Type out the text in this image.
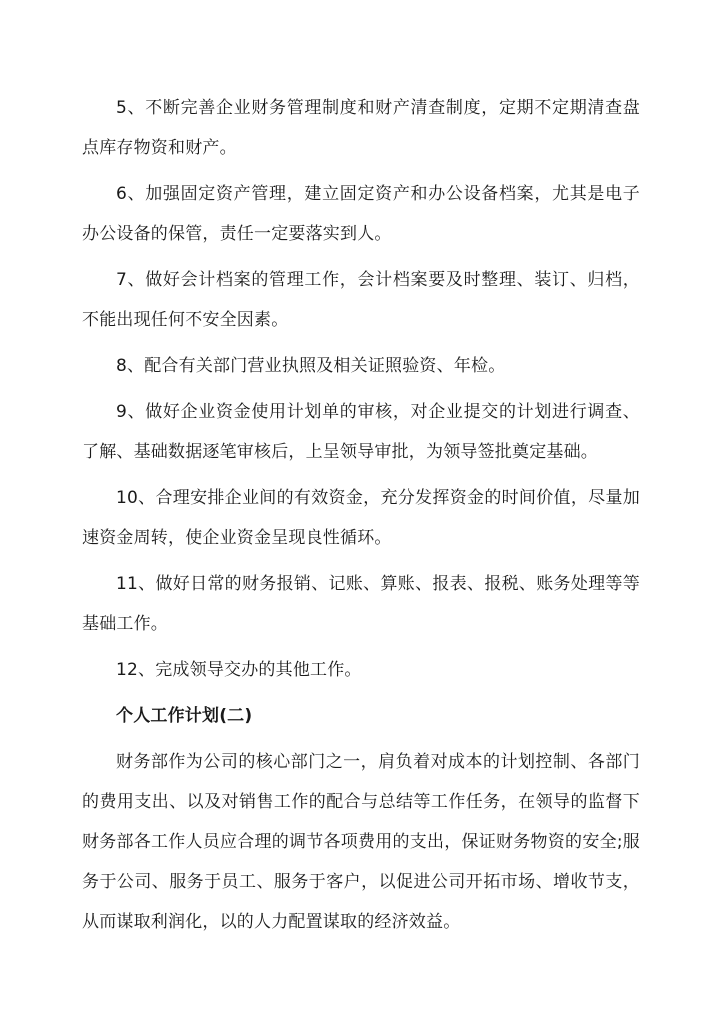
5、不断完善企业财务管理制度和财产清查制度，定期不定期清查盘点库存物资和财产。

6、加强固定资产管理，建立固定资产和办公设备档案，尤其是电子办公设备的保管，责任一定要落实到人。

7、做好会计档案的管理工作，会计档案要及时整理、装订、归档，不能出现任何不安全因素。

8、配合有关部门营业执照及相关证照验资、年检。

9、做好企业资金使用计划单的审核，对企业提交的计划进行调查、了解、基础数据逐笔审核后，上呈领导审批，为领导签批奠定基础。

10、合理安排企业间的有效资金，充分发挥资金的时间价值，尽量加速资金周转，使企业资金呈现良性循环。

11、做好日常的财务报销、记账、算账、报表、报税、账务处理等等基础工作。

12、完成领导交办的其他工作。

个人工作计划(二)

财务部作为公司的核心部门之一，肩负着对成本的计划控制、各部门的费用支出、以及对销售工作的配合与总结等工作任务，在领导的监督下财务部各工作人员应合理的调节各项费用的支出，保证财务物资的安全;服务于公司、服务于员工、服务于客户，以促进公司开拓市场、增收节支，从而谋取利润化，以的人力配置谋取的经济效益。
